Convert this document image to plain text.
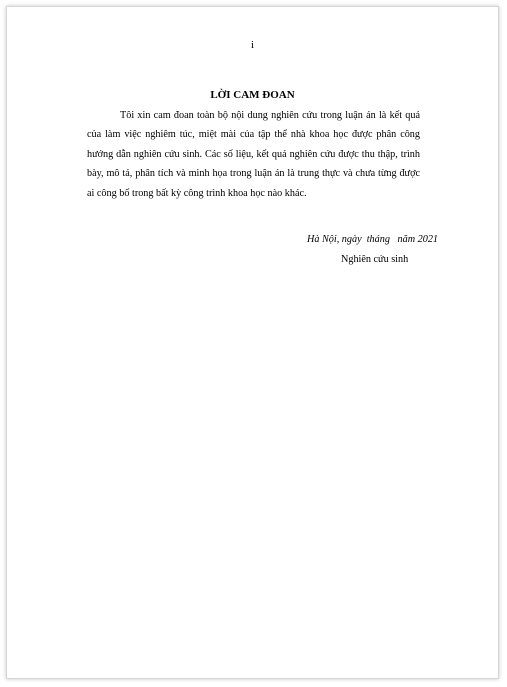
i
LỜI CAM ĐOAN

Tôi xin cam đoan toàn bộ nội dung nghiên cứu trong luận án là kết quả của làm việc nghiêm túc, miệt mài của tập thể nhà khoa học được phân công hướng dẫn nghiên cứu sinh. Các số liệu, kết quả nghiên cứu được thu thập, trình bày, mô tả, phân tích và minh họa trong luận án là trung thực và chưa từng được ai công bố trong bất kỳ công trình khoa học nào khác.

Hà Nội, ngày  tháng   năm 2021
Nghiên cứu sinh
